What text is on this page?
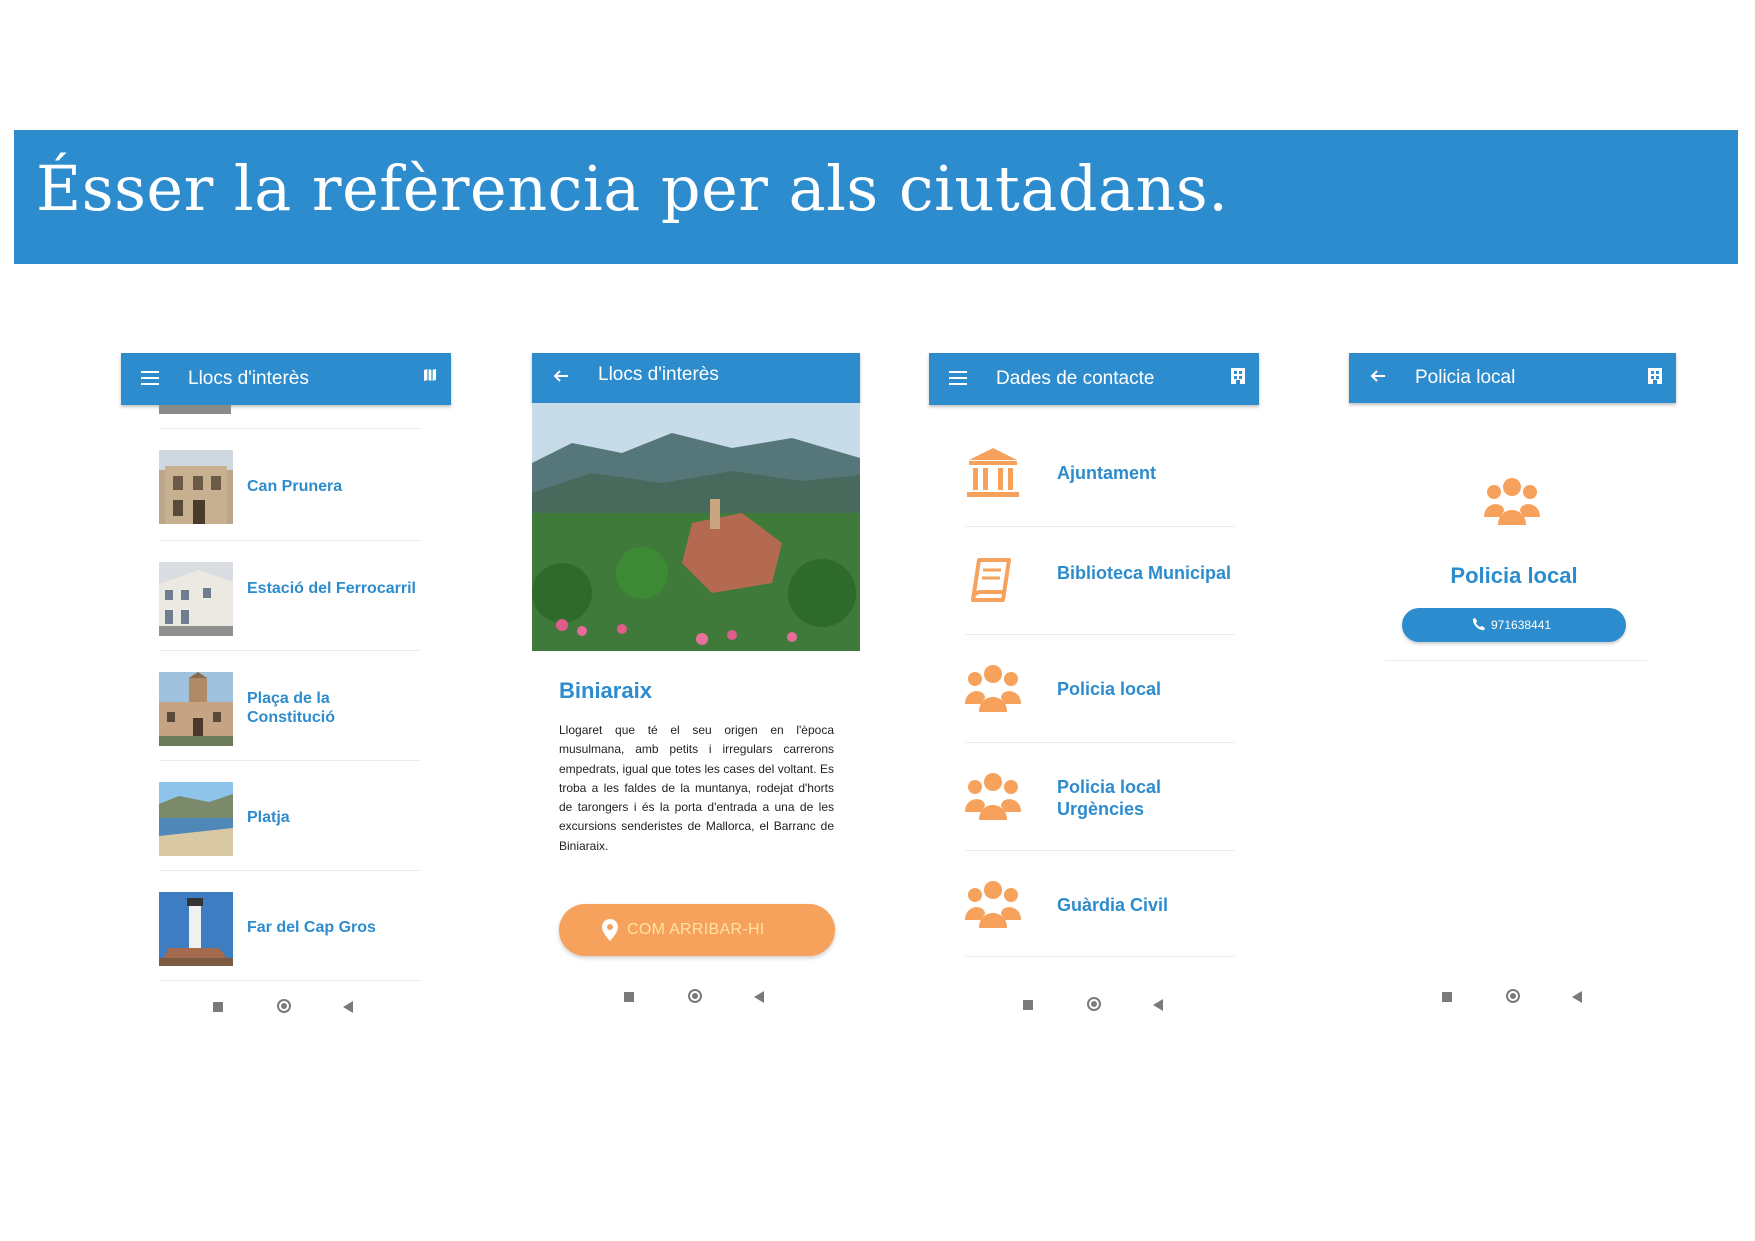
Ésser la refèrencia per als ciutadans.
Llocs d'interès
Can Prunera
Estació del Ferrocarril
Plaça de la Constitució
Platja
Far del Cap Gros
Llocs d'interès
Biniaraix
Llogaret que té el seu origen en l'època musulmana, amb petits i irregulars carrerons empedrats, igual que totes les cases del voltant. Es troba a les faldes de la muntanya, rodejat d'horts de tarongers i és la porta d'entrada a una de les excursions senderistes de Mallorca, el Barranc de Biniaraix.
COM ARRIBAR-HI
Dades de contacte
Ajuntament
Biblioteca Municipal
Policia local
Policia local Urgències
Guàrdia Civil
Policia local
Policia local
971638441
